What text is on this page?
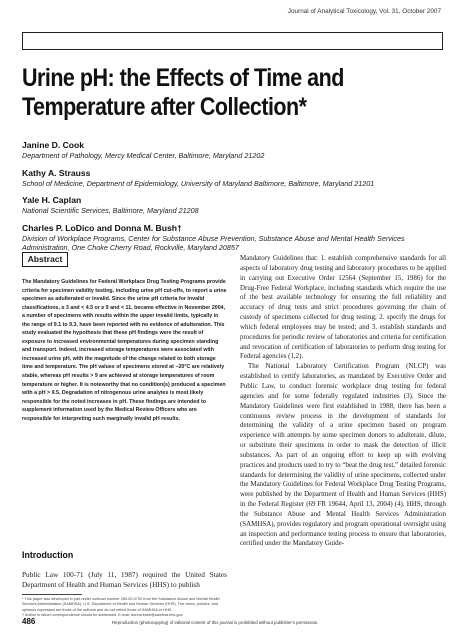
Journal of Analytical Toxicology, Vol. 31, October 2007
Urine pH: the Effects of Time and Temperature after Collection*
Janine D. Cook
Department of Pathology, Mercy Medical Center, Baltimore, Maryland 21202
Kathy A. Strauss
School of Medicine, Department of Epidemiology, University of Maryland Baltimore, Baltimore, Maryland 21201
Yale H. Caplan
National Scientific Services, Baltimore, Maryland 21208
Charles P. LoDico and Donna M. Bush†
Division of Workplace Programs, Center for Substance Abuse Prevention, Substance Abuse and Mental Health Services Administration, One Choke Cherry Road, Rockville, Maryland 20857
Abstract

The Mandatory Guidelines for Federal Workplace Drug Testing Programs provide criteria for specimen validity testing, including urine pH cut-offs, to report a urine specimen as adulterated or invalid. Since the urine pH criteria for invalid classifications, ≥ 3 and < 4.5 or ≥ 9 and < 11, became effective in November 2004, a number of specimens with results within the upper invalid limits, typically in the range of 9.1 to 9.3, have been reported with no evidence of adulteration. This study evaluated the hypothesis that these pH findings were the result of exposure to increased environmental temperatures during specimen standing and transport. Indeed, increased storage temperatures were associated with increased urine pH, with the magnitude of the change related to both storage time and temperature. The pH values of specimens stored at −20°C are relatively stable, whereas pH results > 9 are achieved at storage temperatures of room temperature or higher. It is noteworthy that no condition(s) produced a specimen with a pH > 9.5. Degradation of nitrogenous urine analytes is most likely responsible for the noted increases in pH. These findings are intended to supplement information used by the Medical Review Officers who are responsible for interpreting such marginally invalid pH results.

Introduction

Public Law 100-71 (July 11, 1987) required the United States Department of Health and Human Services (HHS) to publish

* This paper was developed in part under contract number 280-02-0702 from the Substance Abuse and Mental Health Services Administration (SAMHSA), U.S. Department of Health and Human Services (HHS). The views, policies, and opinions expressed are those of the authors and do not reflect those of SAMHSA or HHS.

† Author to whom correspondence should be addressed. E-mail: donna.bush@samhsa.hhs.gov.

Mandatory Guidelines that: 1. establish comprehensive standards for all aspects of laboratory drug testing and laboratory procedures to be applied in carrying out Executive Order 12564 (September 15, 1986) for the Drug-Free Federal Workplace, including standards which require the use of the best available technology for ensuring the full reliability and accuracy of drug tests and strict procedures governing the chain of custody of specimens collected for drug testing; 2. specify the drugs for which federal employees may be tested; and 3. establish standards and procedures for periodic review of laboratories and criteria for certification and revocation of certification of laboratories to perform drug testing for Federal agencies (1,2).

The National Laboratory Certification Program (NLCP) was established to certify laboratories, as mandated by Executive Order and Public Law, to conduct forensic workplace drug testing for federal agencies and for some federally regulated industries (3). Since the Mandatory Guidelines were first established in 1988, there has been a continuous review process in the development of standards for determining the validity of a urine specimen based on program experience with attempts by some specimen donors to adulterate, dilute, or substitute their specimens in order to mask the detection of illicit substances. As part of an ongoing effort to keep up with evolving practices and products used to try to “beat the drug test,” detailed forensic standards for determining the validity of urine specimens, collected under the Mandatory Guidelines for Federal Workplace Drug Testing Programs, were published by the Department of Health and Human Services (HHS) in the Federal Register (69 FR 19644, April 13, 2004) (4). HHS, through the Substance Abuse and Mental Health Services Administration (SAMHSA), provides regulatory and program operational oversight using an inspection and performance testing process to ensure that laboratories, certified under the Mandatory Guide-

486	Reproduction (photocopying) of editorial content of this journal is prohibited without publisher's permission.
